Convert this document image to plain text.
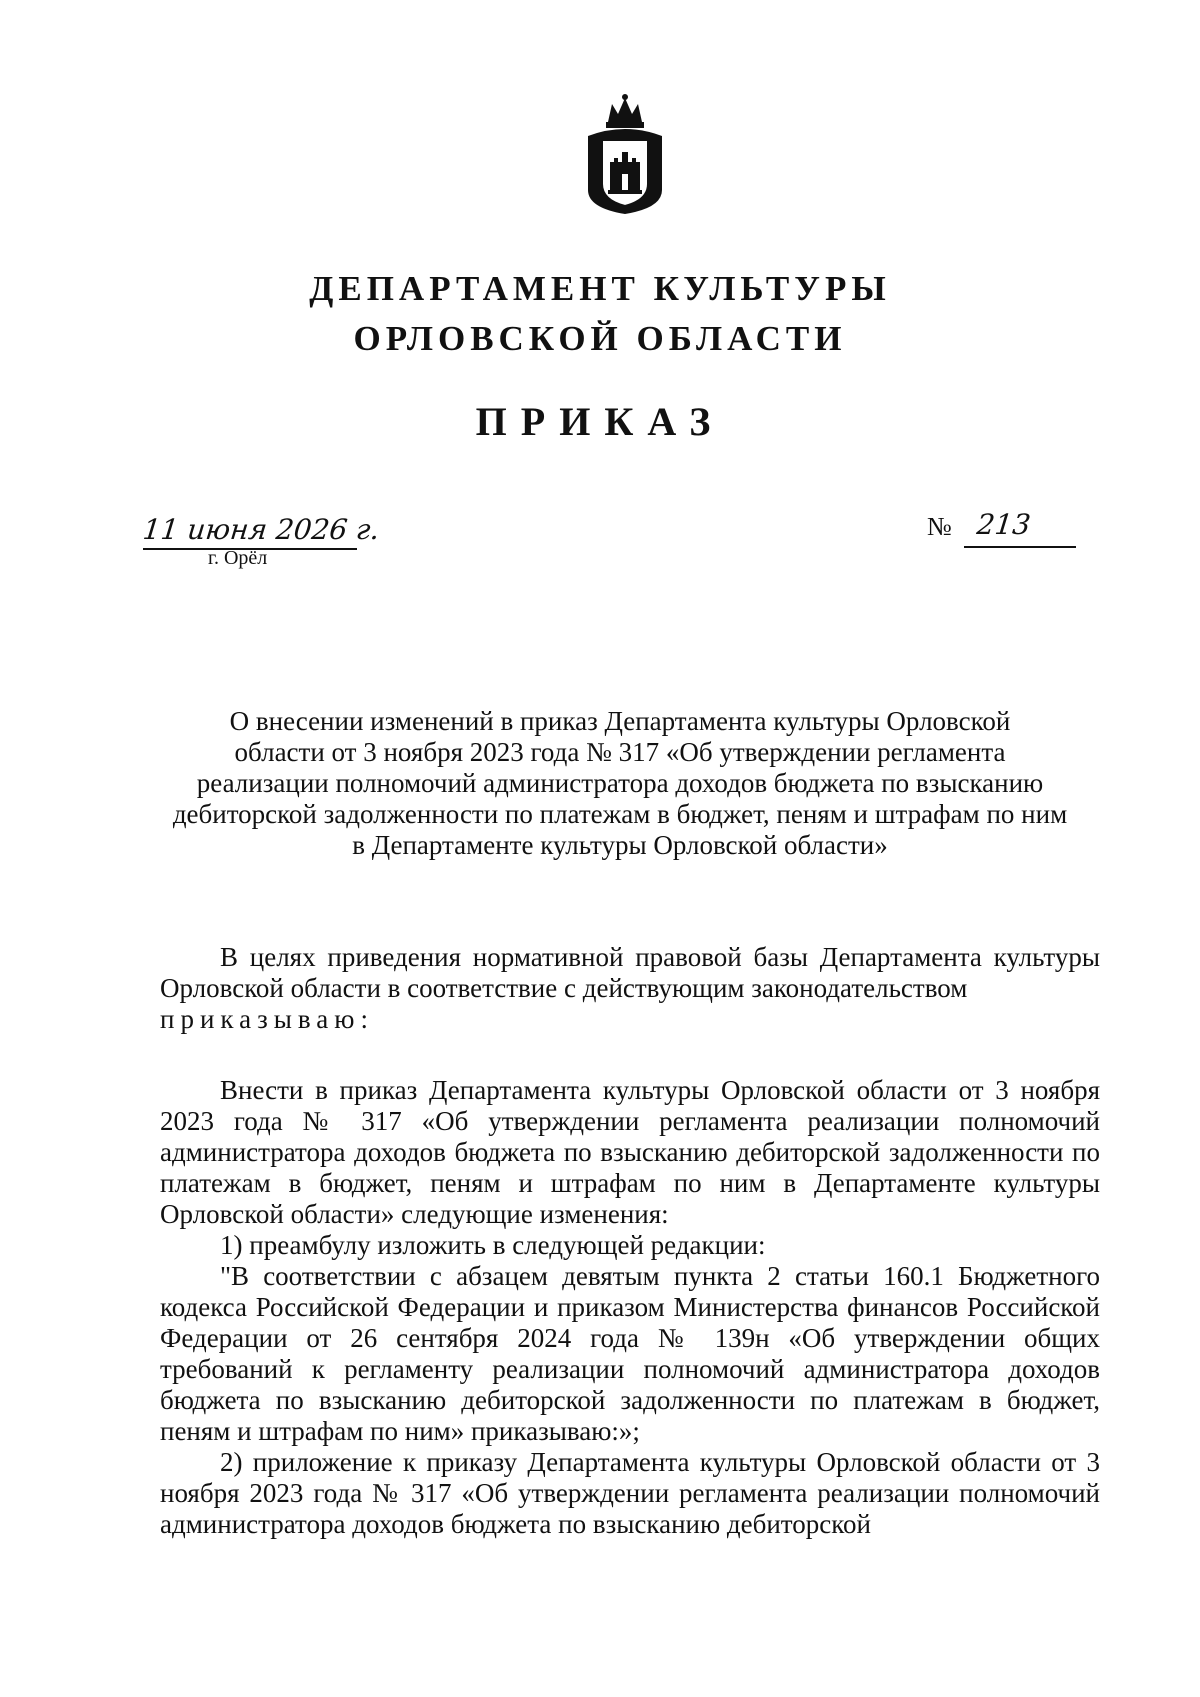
ДЕПАРТАМЕНТ КУЛЬТУРЫ
ОРЛОВСКОЙ ОБЛАСТИ
ПРИКАЗ
11 июня 2026 г.
г. Орёл
№ 213
О внесении изменений в приказ Департамента культуры Орловской
области от 3 ноября 2023 года № 317 «Об утверждении регламента
реализации полномочий администратора доходов бюджета по взысканию
дебиторской задолженности по платежам в бюджет, пеням и штрафам по ним
в Департаменте культуры Орловской области»

В целях приведения нормативной правовой базы Департамента культуры Орловской области в соответствие с действующим законодательством

приказываю:

Внести в приказ Департамента культуры Орловской области от 3 ноября 2023 года № 317 «Об утверждении регламента реализации полномочий администратора доходов бюджета по взысканию дебиторской задолженности по платежам в бюджет, пеням и штрафам по ним в Департаменте культуры Орловской области» следующие изменения:

1) преамбулу изложить в следующей редакции:

"В соответствии с абзацем девятым пункта 2 статьи 160.1 Бюджетного кодекса Российской Федерации и приказом Министерства финансов Российской Федерации от 26 сентября 2024 года № 139н «Об утверждении общих требований к регламенту реализации полномочий администратора доходов бюджета по взысканию дебиторской задолженности по платежам в бюджет, пеням и штрафам по ним» приказываю:»;

2) приложение к приказу Департамента культуры Орловской области от 3 ноября 2023 года № 317 «Об утверждении регламента реализации полномочий администратора доходов бюджета по взысканию дебиторской
